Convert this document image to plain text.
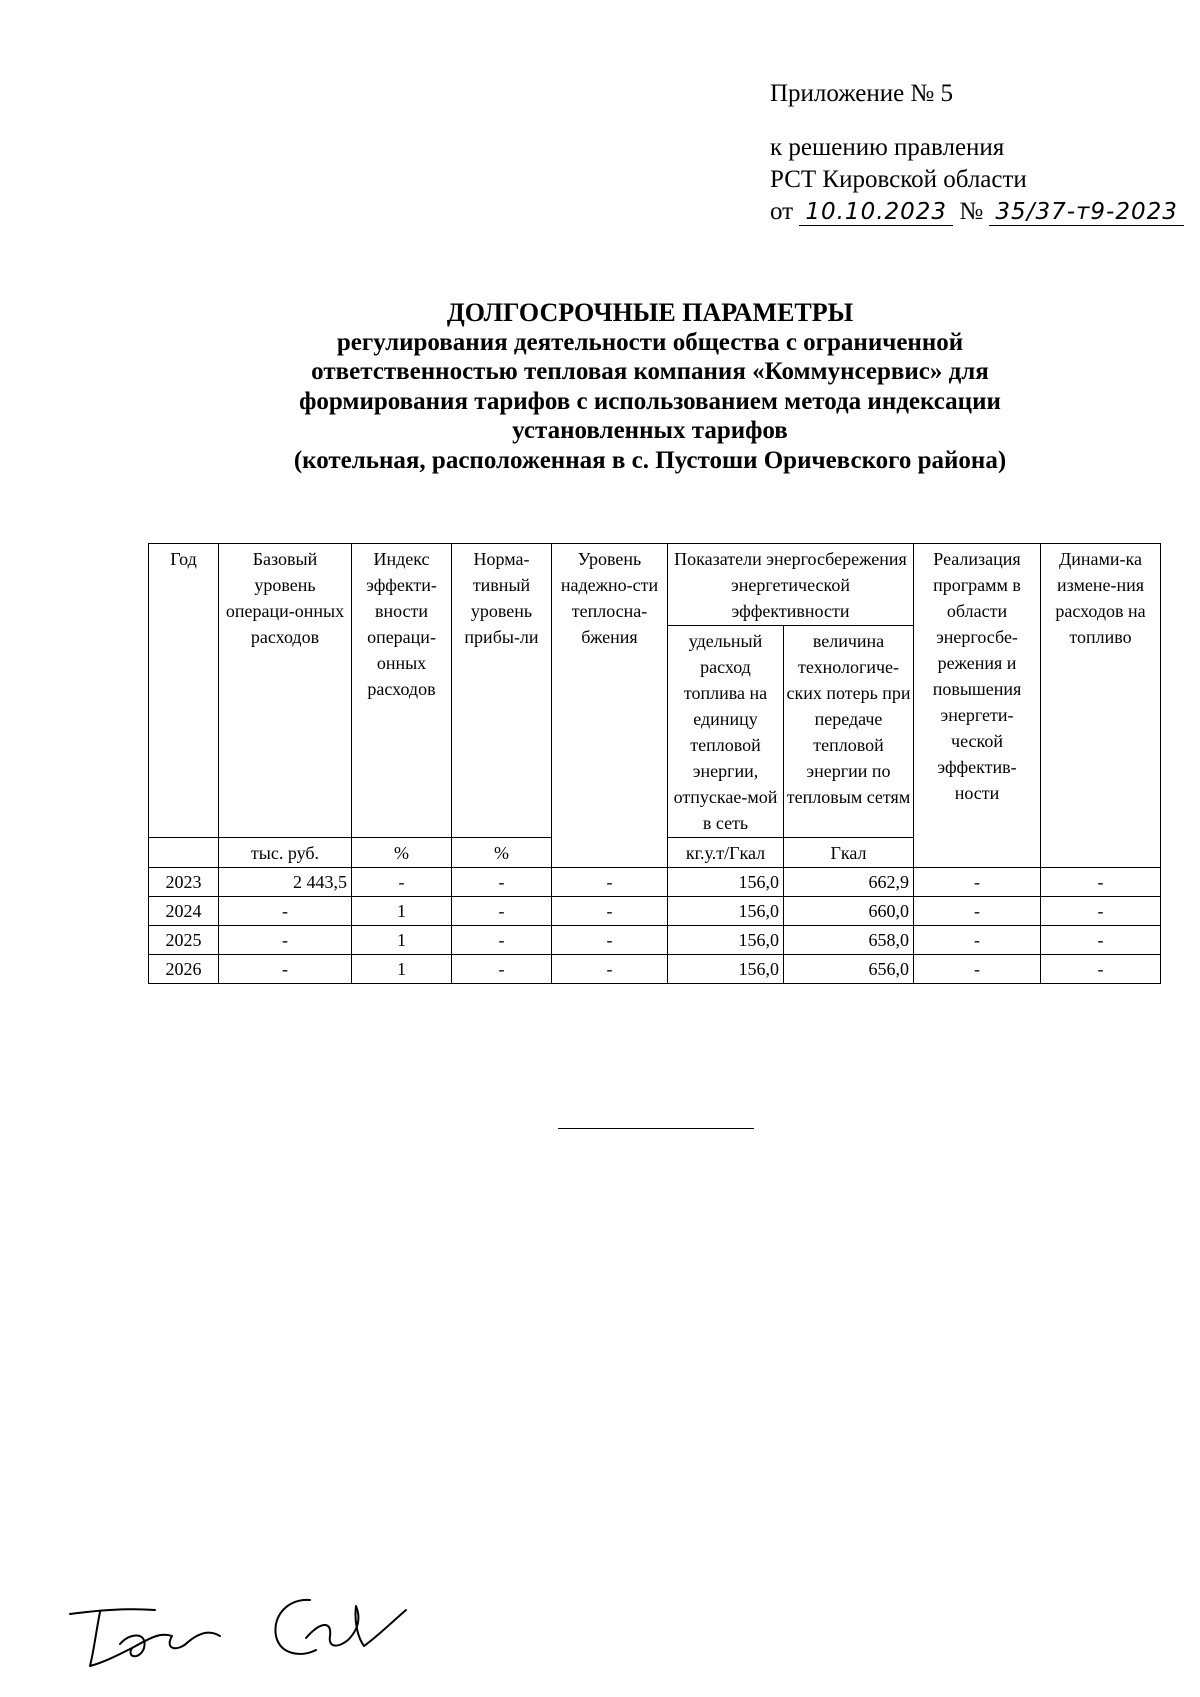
Приложение № 5
к решению правления
РСТ Кировской области
от 10.10.2023 № 35/37-т9-2023
ДОЛГОСРОЧНЫЕ ПАРАМЕТРЫ
регулирования деятельности общества с ограниченной
ответственностью тепловая компания «Коммунсервис» для
формирования тарифов с использованием метода индексации
установленных тарифов
(котельная, расположенная в с. Пустоши Оричевского района)
Год	Базовый уровень операци-онных расходов	Индекс эффекти-вности операци-онных расходов	Норма-тивный уровень прибы-ли	Уровень надежно-сти теплосна-бжения	Показатели энергосбережения энергетической эффективности		Реализация программ в области энергосбе-режения и повышения энергети-ческой эффектив-ности	Динами-ка измене-ния расходов на топливо
					удельный расход топлива на единицу тепловой энергии, отпускае-мой в сеть	величина технологиче-ских потерь при передаче тепловой энергии по тепловым сетям		
	тыс. руб.	%	%		кг.у.т/Гкал	Гкал		
2023	2 443,5	-	-	-	156,0	662,9	-	-
2024	-	1	-	-	156,0	660,0	-	-
2025	-	1	-	-	156,0	658,0	-	-
2026	-	1	-	-	156,0	656,0	-	-
